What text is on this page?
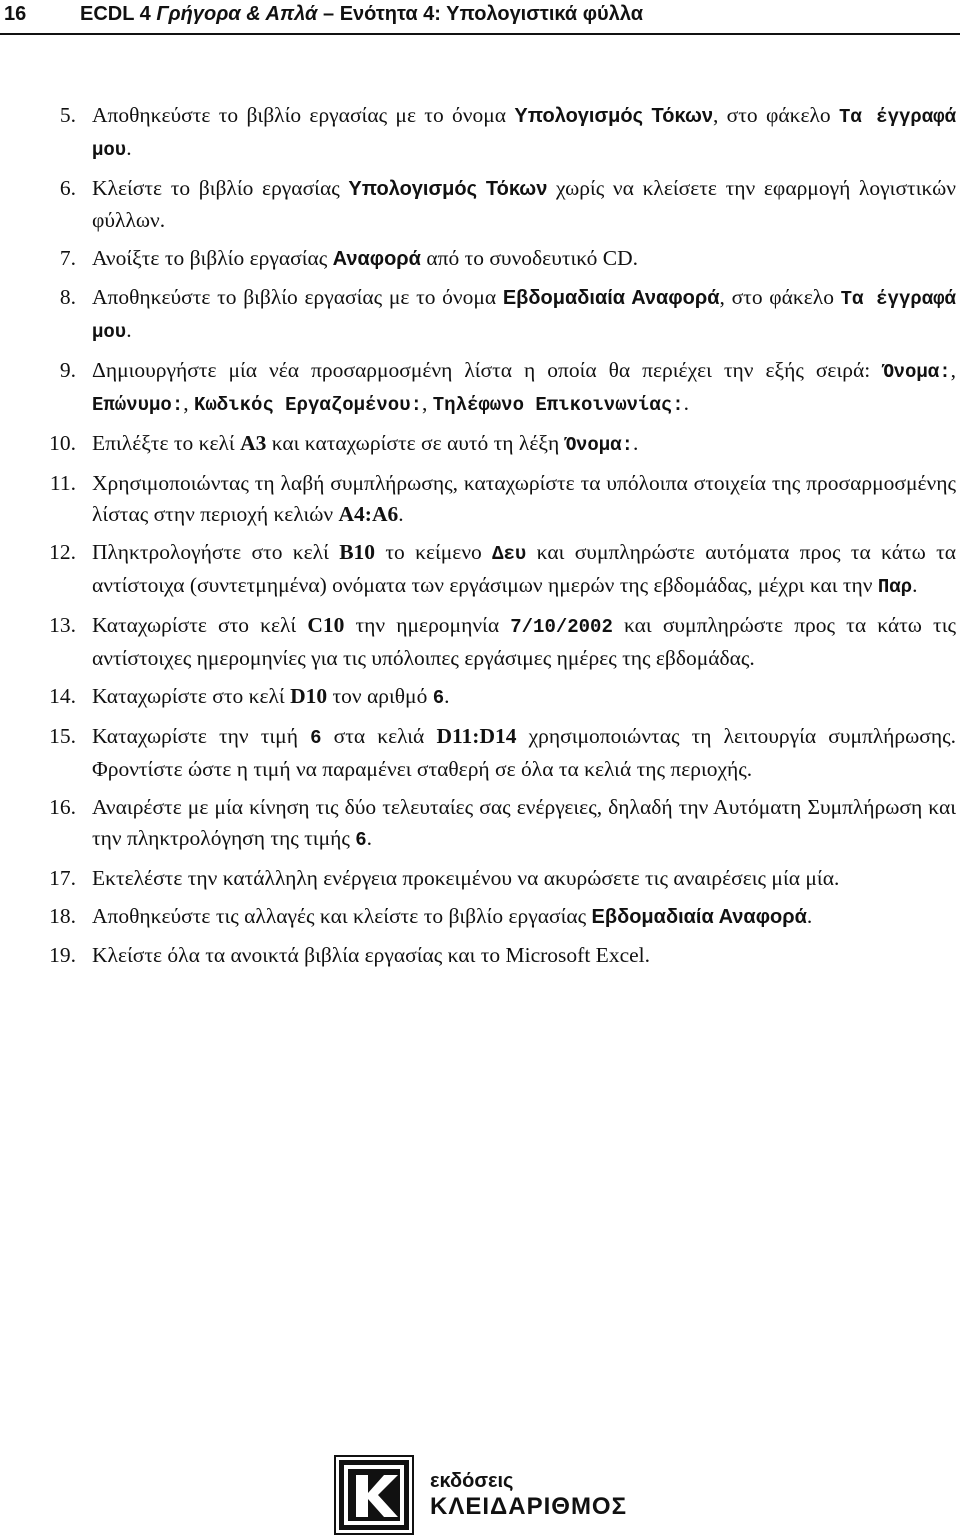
16	ECDL 4 Γρήγορα & Απλά – Ενότητα 4: Υπολογιστικά φύλλα
5. Αποθηκεύστε το βιβλίο εργασίας με το όνομα Υπολογισμός Τόκων, στο φάκελο Τα έγγραφά μου.
6. Κλείστε το βιβλίο εργασίας Υπολογισμός Τόκων χωρίς να κλείσετε την εφαρμογή λογιστικών φύλλων.
7. Ανοίξτε το βιβλίο εργασίας Αναφορά από το συνοδευτικό CD.
8. Αποθηκεύστε το βιβλίο εργασίας με το όνομα Εβδομαδιαία Αναφορά, στο φάκελο Τα έγγραφά μου.
9. Δημιουργήστε μία νέα προσαρμοσμένη λίστα η οποία θα περιέχει την εξής σειρά: Όνομα:, Επώνυμο:, Κωδικός Εργαζομένου:, Τηλέφωνο Επικοινωνίας:.
10. Επιλέξτε το κελί A3 και καταχωρίστε σε αυτό τη λέξη Όνομα:.
11. Χρησιμοποιώντας τη λαβή συμπλήρωσης, καταχωρίστε τα υπόλοιπα στοιχεία της προσαρμοσμένης λίστας στην περιοχή κελιών A4:A6.
12. Πληκτρολογήστε στο κελί B10 το κείμενο Δευ και συμπληρώστε αυτόματα προς τα κάτω τα αντίστοιχα (συντετμημένα) ονόματα των εργάσιμων ημερών της εβδομάδας, μέχρι και την Παρ.
13. Καταχωρίστε στο κελί C10 την ημερομηνία 7/10/2002 και συμπληρώστε προς τα κάτω τις αντίστοιχες ημερομηνίες για τις υπόλοιπες εργάσιμες ημέρες της εβδομάδας.
14. Καταχωρίστε στο κελί D10 τον αριθμό 6.
15. Καταχωρίστε την τιμή 6 στα κελιά D11:D14 χρησιμοποιώντας τη λειτουργία συμπλήρωσης. Φροντίστε ώστε η τιμή να παραμένει σταθερή σε όλα τα κελιά της περιοχής.
16. Αναιρέστε με μία κίνηση τις δύο τελευταίες σας ενέργειες, δηλαδή την Αυτόματη Συμπλήρωση και την πληκτρολόγηση της τιμής 6.
17. Εκτελέστε την κατάλληλη ενέργεια προκειμένου να ακυρώσετε τις αναιρέσεις μία μία.
18. Αποθηκεύστε τις αλλαγές και κλείστε το βιβλίο εργασίας Εβδομαδιαία Αναφορά.
19. Κλείστε όλα τα ανοικτά βιβλία εργασίας και το Microsoft Excel.
εκδόσεις
ΚΛΕΙΔΑΡΙΘΜΟΣ
